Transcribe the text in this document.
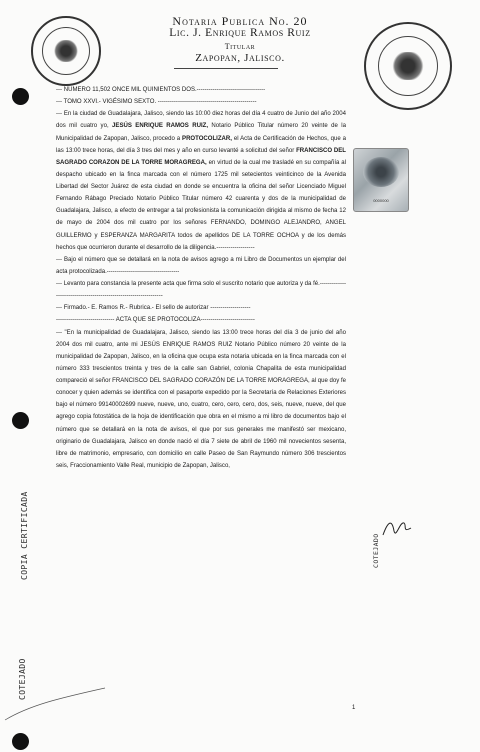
0000000
Notaria Publica No. 20
Lic. J. Enrique Ramos Ruiz
Titular
Zapopan, Jalisco.

--- NUMERO 11,502 ONCE MIL QUINIENTOS DOS.----------------------------------

--- TOMO XXVI.- VIGÉSIMO SEXTO. -------------------------------------------------

--- En la ciudad de Guadalajara, Jalisco, siendo las 10:00 diez horas del día 4 cuatro de Junio del año 2004 dos mil cuatro yo, JESÚS ENRIQUE RAMOS RUIZ, Notario Público Titular número 20 veinte de la Municipalidad de Zapopan, Jalisco, procedo a PROTOCOLIZAR, el Acta de Certificación de Hechos, que a las 13:00 trece horas, del día 3 tres del mes y año en curso levanté a solicitud del señor FRANCISCO DEL SAGRADO CORAZON DE LA TORRE MORAGREGA, en virtud de la cual me trasladé en su compañía al despacho ubicado en la finca marcada con el número 1725 mil setecientos veinticinco de la Avenida Libertad del Sector Juárez de esta ciudad en donde se encuentra la oficina del señor Licenciado Miguel Fernando Rábago Preciado Notario Público Titular número 42 cuarenta y dos de la municipalidad de Guadalajara, Jalisco, a efecto de entregar a tal profesionista la comunicación dirigida al mismo de fecha 12 de mayo de 2004 dos mil cuatro por los señores FERNANDO, DOMINGO ALEJANDRO, ANGEL GUILLERMO y ESPERANZA MARGARITA todos de apellidos DE LA TORRE OCHOA y de los demás hechos que ocurrieron durante el desarrollo de la diligencia.-------------------

--- Bajo el número que se detallará en la nota de avisos agrego a mi Libro de Documentos un ejemplar del acta protocolizada.------------------------------------

--- Levanto para constancia la presente acta que firma solo el suscrito notario que autoriza y da fé.------------------------------------------------------------------

--- Firmado.- E. Ramos R.- Rubrica.- El sello de autorizar --------------------

----------------------------- ACTA QUE SE PROTOCOLIZA---------------------------

--- "En la municipalidad de Guadalajara, Jalisco, siendo las 13:00 trece horas del día 3 de junio del año 2004 dos mil cuatro, ante mi JESÚS ENRIQUE RAMOS RUIZ Notario Público número 20 veinte de la municipalidad de Zapopan, Jalisco, en la oficina que ocupa esta notaria ubicada en la finca marcada con el número 333 trescientos treinta y tres de la calle san Gabriel, colonia Chapalita de esta municipalidad compareció el señor FRANCISCO DEL SAGRADO CORAZÓN DE LA TORRE MORAGREGA, al que doy fe conocer y quien además se identifica con el pasaporte expedido por la Secretaría de Relaciones Exteriores bajo el número 99140002699 nueve, nueve, uno, cuatro, cero, cero, cero, dos, seis, nueve, nueve, del que agrego copia fotostática de la hoja de identificación que obra en el mismo a mi libro de documentos bajo el número que se detallará en la nota de avisos, el que por sus generales me manifestó ser mexicano, originario de Guadalajara, Jalisco en donde nació el día 7 siete de abril de 1960 mil novecientos sesenta, libre de matrimonio, empresario, con domicilio en calle Paseo de San Raymundo número 306 trescientos seis, Fraccionamiento Valle Real, municipio de Zapopan, Jalisco,

COPIA CERTIFICADA
COTEJADO
COTEJADO
1
